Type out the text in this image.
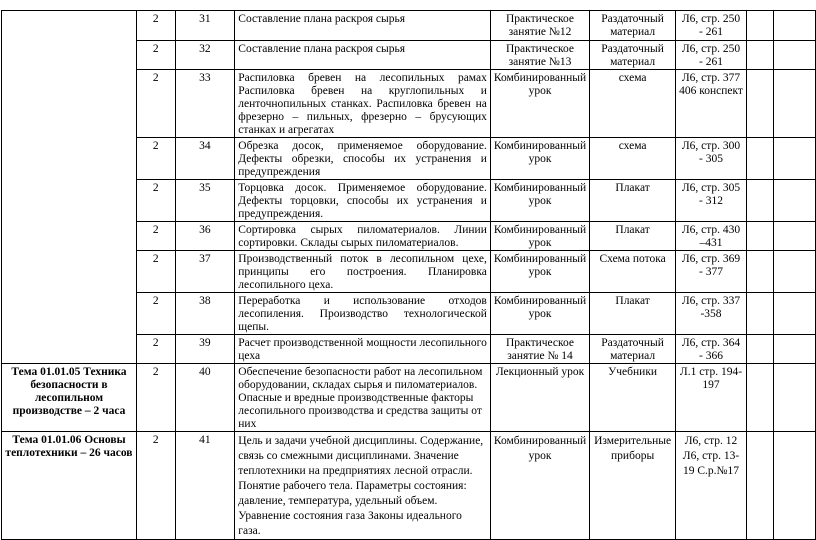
	2	31	Составление плана раскроя сырья	Практическое занятие №12	Раздаточный материал	Л6, стр. 250 - 261		
	2	32	Составление плана раскроя сырья	Практическое занятие №13	Раздаточный материал	Л6, стр. 250 - 261		
	2	33	Распиловка бревен на лесопильных рамах Распиловка бревен на круглопильных и ленточнопильных станках. Распиловка бревен на фрезерно – пильных, фрезерно – брусующих станках и агрегатах	Комбинированный урок	схема	Л6, стр. 377 406 конспект		
	2	34	Обрезка досок, применяемое оборудование. Дефекты обрезки, способы их устранения и предупреждения	Комбинированный урок	схема	Л6, стр. 300 - 305		
	2	35	Торцовка досок. Применяемое оборудование. Дефекты торцовки, способы их устранения и предупреждения.	Комбинированный урок	Плакат	Л6, стр. 305 - 312		
	2	36	Сортировка сырых пиломатериалов. Линии сортировки. Склады сырых пиломатериалов.	Комбинированный урок	Плакат	Л6, стр. 430 –431		
	2	37	Производственный поток в лесопильном цехе, принципы его построения. Планировка лесопильного цеха.	Комбинированный урок	Схема потока	Л6, стр. 369 - 377		
	2	38	Переработка и использование отходов лесопиления. Производство технологической щепы.	Комбинированный урок	Плакат	Л6, стр. 337 -358		
	2	39	Расчет производственной мощности лесопильного цеха	Практическое занятие № 14	Раздаточный материал	Л6, стр. 364 - 366		
Тема 01.01.05 Техника безопасности в лесопильном производстве – 2 часа	2	40	Обеспечение безопасности работ на лесопильном оборудовании, складах сырья и пиломатериалов. Опасные и вредные производственные факторы лесопильного производства и средства защиты от них	Лекционный урок	Учебники	Л.1 стр. 194-197		
Тема 01.01.06 Основы теплотехники – 26 часов	2	41	Цель и задачи учебной дисциплины. Содержание, связь со смежными дисциплинами. Значение теплотехники на предприятиях лесной отрасли. Понятие рабочего тела. Параметры состояния: давление, температура, удельный объем. Уравнение состояния газа Законы идеального газа.	Комбинированный урок	Измерительные приборы	Л6, стр. 12 Л6, стр. 13-19 С.р.№17		
